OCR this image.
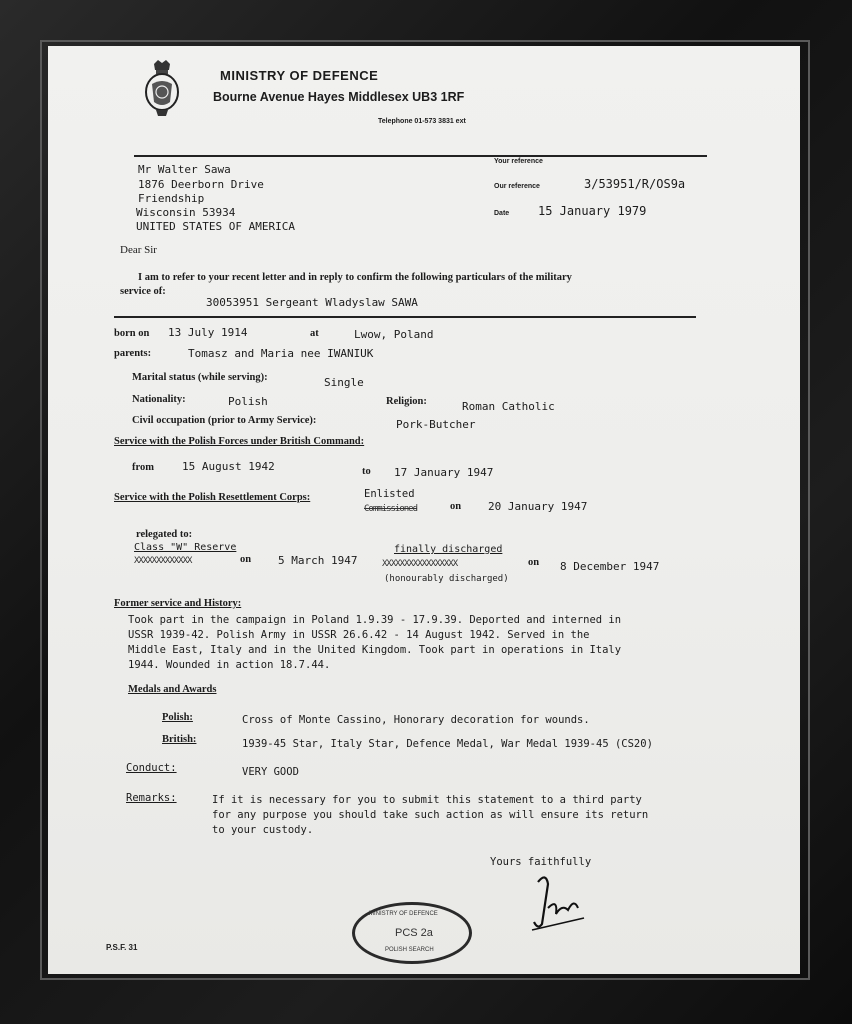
MINISTRY OF DEFENCE
Bourne Avenue Hayes Middlesex UB3 1RF
Telephone 01-573 3831 ext
Mr Walter Sawa
1876 Deerborn Drive
Friendship
Wisconsin 53934
UNITED STATES OF AMERICA
Your reference
Our reference	3/53951/R/OS9a
Date 15 January 1979
Dear Sir
I am to refer to your recent letter and in reply to confirm the following particulars of the military
service of:
30053951 Sergeant Wladyslaw SAWA
born on 13 July 1914	at	Lwow, Poland
parents:	Tomasz and Maria nee IWANIUK
Marital status (while serving):	Single
Nationality:	Polish	Religion:	Roman Catholic
Civil occupation (prior to Army Service):	Pork-Butcher
Service with the Polish Forces under British Command:
from	15 August 1942	to 17 January 1947
Service with the Polish Resettlement Corps:	Enlisted
Commissioned	on 20 January 1947
relegated to:
Class "W" Reserve
XXXXXXXXXXXXX	on 5 March 1947
finally discharged
XXXXXXXXXXXXXXXXX
(honourably discharged)
on 8 December 1947
Former service and History:
Took part in the campaign in Poland 1.9.39 - 17.9.39. Deported and interned in
USSR 1939-42. Polish Army in USSR 26.6.42 - 14 August 1942. Served in the
Middle East, Italy and in the United Kingdom. Took part in operations in Italy
1944. Wounded in action 18.7.44.
Medals and Awards
Polish:	Cross of Monte Cassino, Honorary decoration for wounds.
British:	1939-45 Star, Italy Star, Defence Medal, War Medal 1939-45 (CS20)
Conduct:	VERY GOOD
Remarks:	If it is necessary for you to submit this statement to a third party
for any purpose you should take such action as will ensure its return
to your custody.
Yours faithfully
MINISTRY OF DEFENCE
PCS 2a
POLISH SEARCH
P.S.F. 31
